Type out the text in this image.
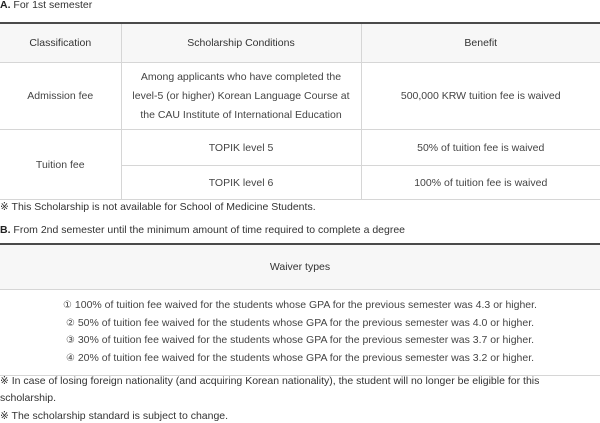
A. For 1st semester
Classification	Scholarship Conditions	Benefit
Admission fee	Among applicants who have completed the
level-5 (or higher) Korean Language Course at
the CAU Institute of International Education	500,000 KRW tuition fee is waived
Tuition fee	TOPIK level 5	50% of tuition fee is waived
	TOPIK level 6	100% of tuition fee is waived
※ This Scholarship is not available for School of Medicine Students.
B. From 2nd semester until the minimum amount of time required to complete a degree
Waiver types

① 100% of tuition fee waived for the students whose GPA for the previous semester was 4.3 or higher.
② 50% of tuition fee waived for the students whose GPA for the previous semester was 4.0 or higher.
③ 30% of tuition fee waived for the students whose GPA for the previous semester was 3.7 or higher.
④ 20% of tuition fee waived for the students whose GPA for the previous semester was 3.2 or higher.
※ In case of losing foreign nationality (and acquiring Korean nationality), the student will no longer be eligible for this
scholarship.
※ The scholarship standard is subject to change.
